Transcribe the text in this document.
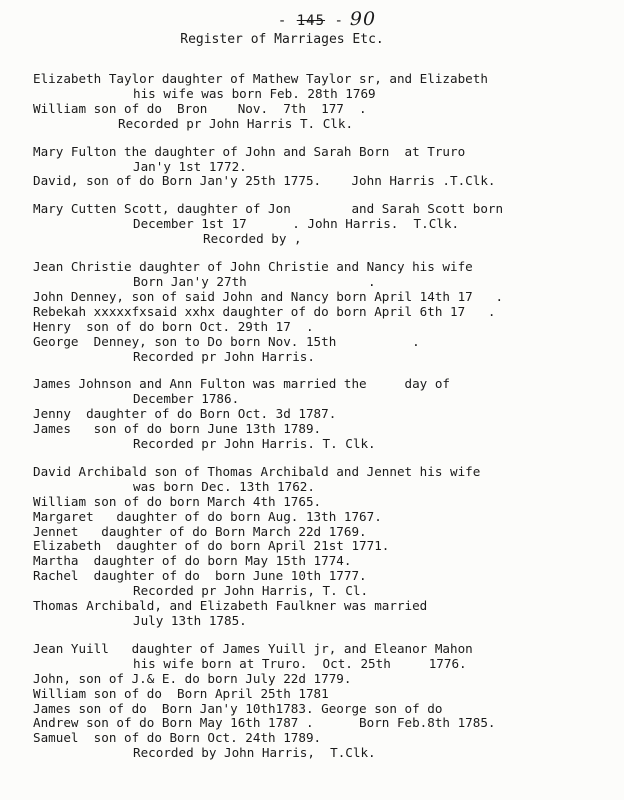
- 145 - 90
Register of Marriages Etc.
Elizabeth Taylor daughter of Mathew Taylor sr, and Elizabeth
his wife was born Feb. 28th 1769
William son of do  Bron    Nov.  7th  177  .
Recorded pr John Harris T. Clk.
Mary Fulton the daughter of John and Sarah Born  at Truro
Jan'y 1st 1772.
David, son of do Born Jan'y 25th 1775.    John Harris .T.Clk.
Mary Cutten Scott, daughter of Jon        and Sarah Scott born
December 1st 17      . John Harris.  T.Clk.
Recorded by ,
Jean Christie daughter of John Christie and Nancy his wife
Born Jan'y 27th                .
John Denney, son of said John and Nancy born April 14th 17   .
Rebekah xxxxxfxsaid xxhx daughter of do born April 6th 17   .
Henry  son of do born Oct. 29th 17  .
George  Denney, son to Do born Nov. 15th          .
Recorded pr John Harris.
James Johnson and Ann Fulton was married the     day of
December 1786.
Jenny  daughter of do Born Oct. 3d 1787.
James   son of do born June 13th 1789.
Recorded pr John Harris. T. Clk.
David Archibald son of Thomas Archibald and Jennet his wife
was born Dec. 13th 1762.
William son of do born March 4th 1765.
Margaret   daughter of do born Aug. 13th 1767.
Jennet   daughter of do Born March 22d 1769.
Elizabeth  daughter of do born April 21st 1771.
Martha  daughter of do born May 15th 1774.
Rachel  daughter of do  born June 10th 1777.
Recorded pr John Harris, T. Cl.
Thomas Archibald, and Elizabeth Faulkner was married
July 13th 1785.
Jean Yuill   daughter of James Yuill jr, and Eleanor Mahon
his wife born at Truro.  Oct. 25th     1776.
John, son of J.& E. do born July 22d 1779.
William son of do  Born April 25th 1781
James son of do  Born Jan'y 10th1783. George son of do
Andrew son of do Born May 16th 1787 .      Born Feb.8th 1785.
Samuel  son of do Born Oct. 24th 1789.
Recorded by John Harris,  T.Clk.
